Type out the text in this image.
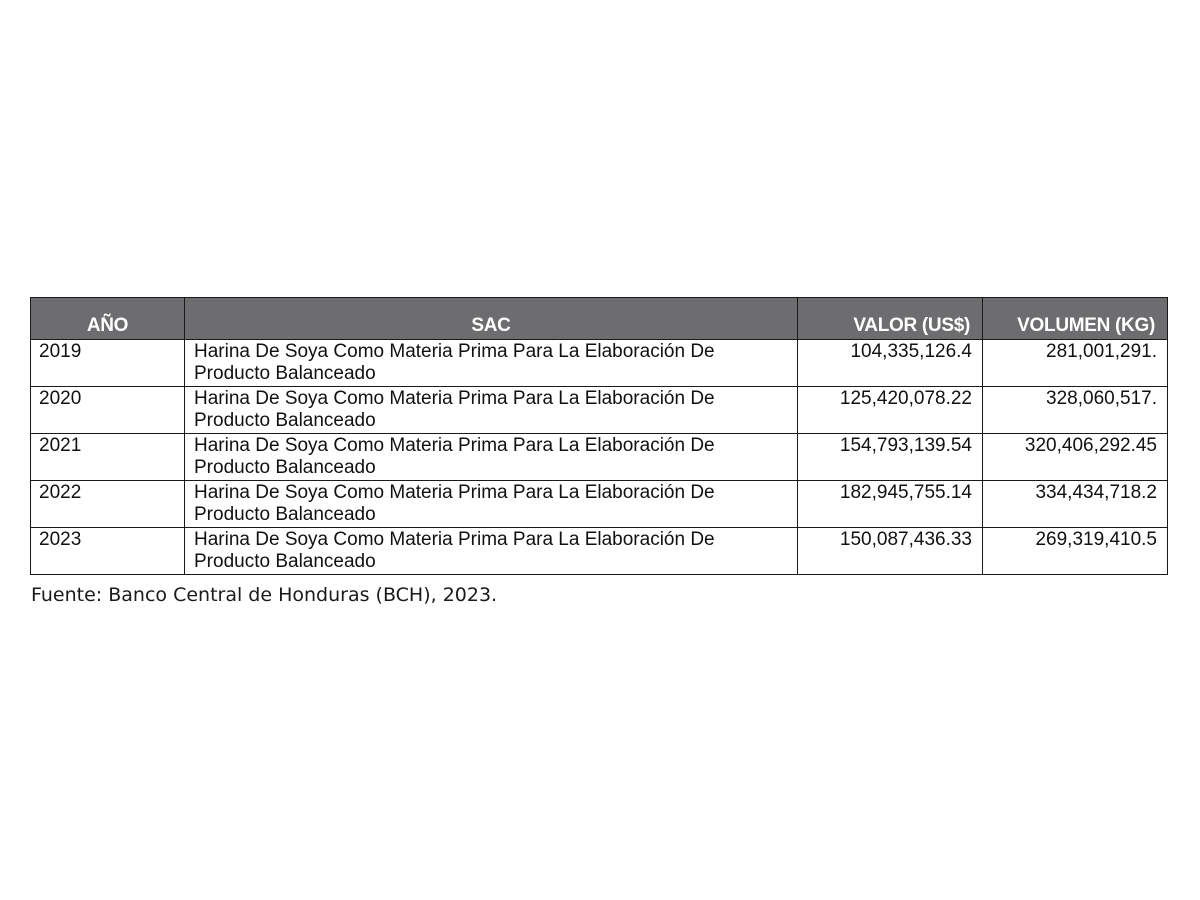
AÑO	SAC	VALOR (US$)	VOLUMEN (KG)
2019	Harina De Soya Como Materia Prima Para La Elaboración De Producto Balanceado	104,335,126.4	281,001,291.
2020	Harina De Soya Como Materia Prima Para La Elaboración De Producto Balanceado	125,420,078.22	328,060,517.
2021	Harina De Soya Como Materia Prima Para La Elaboración De Producto Balanceado	154,793,139.54	320,406,292.45
2022	Harina De Soya Como Materia Prima Para La Elaboración De Producto Balanceado	182,945,755.14	334,434,718.2
2023	Harina De Soya Como Materia Prima Para La Elaboración De Producto Balanceado	150,087,436.33	269,319,410.5
Fuente: Banco Central de Honduras (BCH), 2023.
